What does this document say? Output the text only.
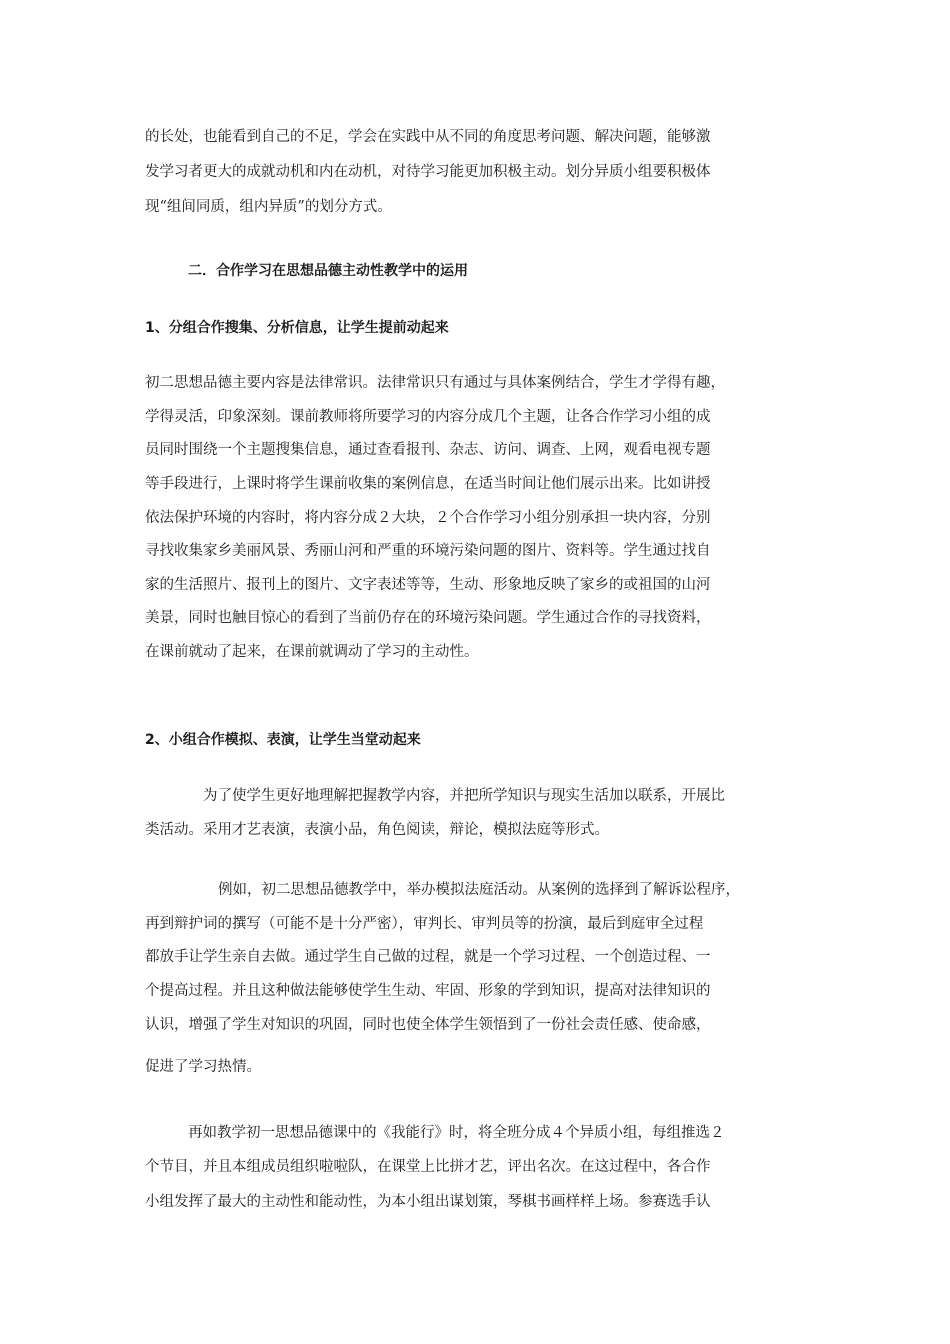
的长处，也能看到自己的不足，学会在实践中从不同的角度思考问题、解决问题，能够激
发学习者更大的成就动机和内在动机，对待学习能更加积极主动。划分异质小组要积极体
现“组间同质，组内异质”的划分方式。
二．合作学习在思想品德主动性教学中的运用
1、分组合作搜集、分析信息，让学生提前动起来
初二思想品德主要内容是法律常识。法律常识只有通过与具体案例结合，学生才学得有趣，
学得灵活，印象深刻。课前教师将所要学习的内容分成几个主题，让各合作学习小组的成
员同时围绕一个主题搜集信息，通过查看报刊、杂志、访问、调查、上网，观看电视专题
等手段进行，上课时将学生课前收集的案例信息，在适当时间让他们展示出来。比如讲授
依法保护环境的内容时，将内容分成２大块，２个合作学习小组分别承担一块内容，分别
寻找收集家乡美丽风景、秀丽山河和严重的环境污染问题的图片、资料等。学生通过找自
家的生活照片、报刊上的图片、文字表述等等，生动、形象地反映了家乡的或祖国的山河
美景，同时也触目惊心的看到了当前仍存在的环境污染问题。学生通过合作的寻找资料，
在课前就动了起来，在课前就调动了学习的主动性。
2、小组合作模拟、表演，让学生当堂动起来
为了使学生更好地理解把握教学内容，并把所学知识与现实生活加以联系，开展比
类活动。采用才艺表演，表演小品，角色阅读，辩论，模拟法庭等形式。
例如，初二思想品德教学中，举办模拟法庭活动。从案例的选择到了解诉讼程序，
再到辩护词的撰写（可能不是十分严密），审判长、审判员等的扮演，最后到庭审全过程
都放手让学生亲自去做。通过学生自己做的过程，就是一个学习过程、一个创造过程、一
个提高过程。并且这种做法能够使学生生动、牢固、形象的学到知识，提高对法律知识的
认识，增强了学生对知识的巩固，同时也使全体学生领悟到了一份社会责任感、使命感，
促进了学习热情。
再如教学初一思想品德课中的《我能行》时，将全班分成４个异质小组，每组推选２
个节目，并且本组成员组织啦啦队，在课堂上比拼才艺，评出名次。在这过程中，各合作
小组发挥了最大的主动性和能动性，为本小组出谋划策，琴棋书画样样上场。参赛选手认
